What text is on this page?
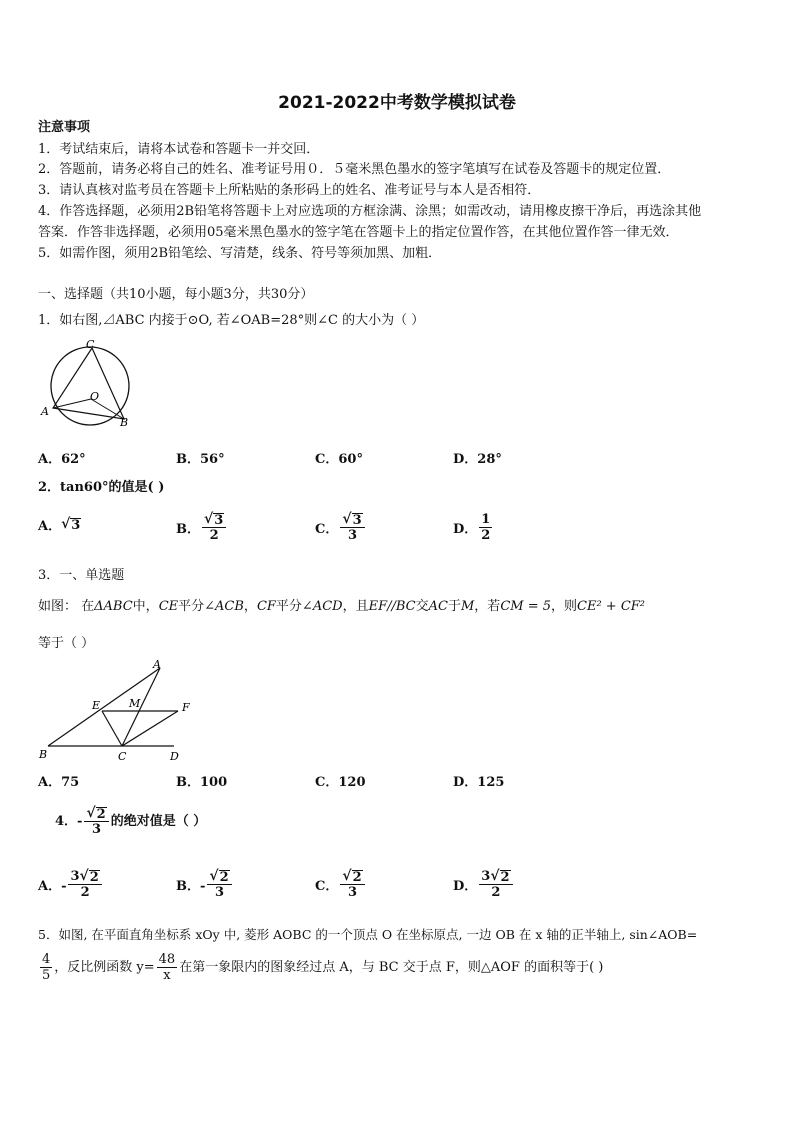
2021-2022中考数学模拟试卷
注意事项
1．考试结束后，请将本试卷和答题卡一并交回．
2．答题前，请务必将自己的姓名、准考证号用０．５毫米黑色墨水的签字笔填写在试卷及答题卡的规定位置．
3．请认真核对监考员在答题卡上所粘贴的条形码上的姓名、准考证号与本人是否相符．
4．作答选择题，必须用2B铅笔将答题卡上对应选项的方框涂满、涂黑；如需改动，请用橡皮擦干净后，再选涂其他
答案．作答非选择题，必须用05毫米黑色墨水的签字笔在答题卡上的指定位置作答，在其他位置作答一律无效．
5．如需作图，须用2B铅笔绘、写清楚，线条、符号等须加黑、加粗．
一、选择题（共10小题，每小题3分，共30分）
1．如右图,⊿ABC 内接于⊙O, 若∠OAB=28°则∠C 的大小为（ ）
C
O
A
B
A．62°	B．56°	C．60°	D．28°
2．tan60°的值是( )
A． √ 3	B． $\frac{√ 3}{2}$	C． $\frac{√ 3}{3}$	D． $\frac{1}{2}$
3．一、单选题
如图： 在ΔABC中，CE平分∠ACB，CF平分∠ACD，且EF//BC交AC于M，若CM = 5，则CE² + CF²
等于（ ）
A
E	M	F
B	C	D
A．75	B．100	C．120	D．125
4．- $\frac{√ 2}{3}$ 的绝对值是（ ）
A．- $\frac{3 √ 2}{2}$	B．- $\frac{√ 2}{3}$	C． $\frac{√ 2}{3}$	D． $\frac{3 √ 2}{2}$
5．如图, 在平面直角坐标系 xOy 中, 菱形 AOBC 的一个顶点 O 在坐标原点, 一边 OB 在 x 轴的正半轴上, sin∠AOB=
$\frac{4}{5}$ ，反比例函数 $y= \frac{48}{x}$ 在第一象限内的图象经过点 A，与 BC 交于点 F，则△AOF 的面积等于( )
